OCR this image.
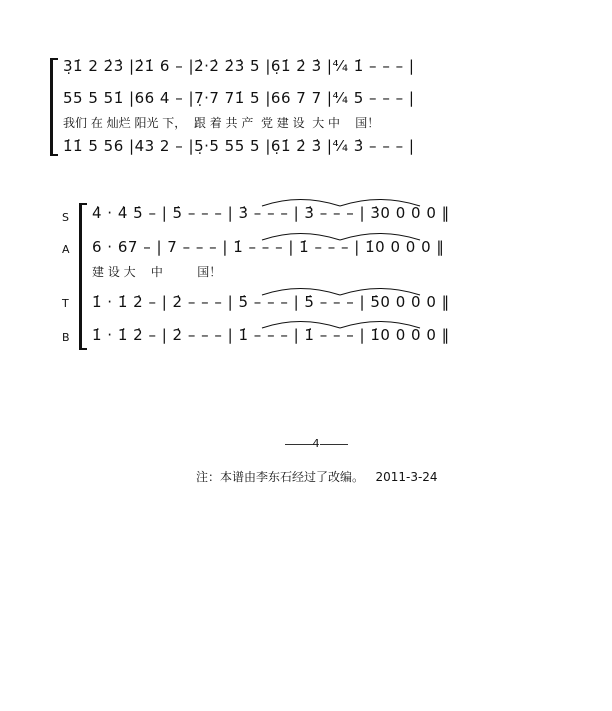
3̣1̇ 2 2̇3̇ |2̇1̇ 6 – |2̇·2̇ 2̇3̇ 5 |6̣1̇ 2̇ 3̇ |⁴⁄₄ 1̇ – – – |
55 5 51̇ |66 4 – |7̣·7 71̇ 5 |66 7 7 |⁴⁄₄ 5 – – – |
我们 在 灿烂 阳光 下，  跟 着 共 产  党 建 设  大 中    国！
1̇1̇ 5 56 |43 2 – |5̣·5 55 5 |6̣1̇ 2̇ 3̇ |⁴⁄₄ 3̇ – – – |
S
A
T
B
4̇ · 4̇ 5̇ – | 5̇ – – – | 3̇ – – – | 3̇ – – – | 3̇0 0 0 0 ‖
6 · 67 – | 7 – – – | 1̇ – – – | 1̇ – – – | 1̇0 0 0 0 ‖
建 设 大    中         国！
1̇ · 1̇ 2̇ – | 2̇ – – – | 5̇ – – – | 5̇ – – – | 5̇0 0 0 0 ‖
1̇ · 1̇ 2̇ – | 2̇ – – – | 1̇ – – – | 1̇ – – – | 1̇0 0 0 0 ‖
4
注：本谱由李东石经过了改编。   2011-3-24
